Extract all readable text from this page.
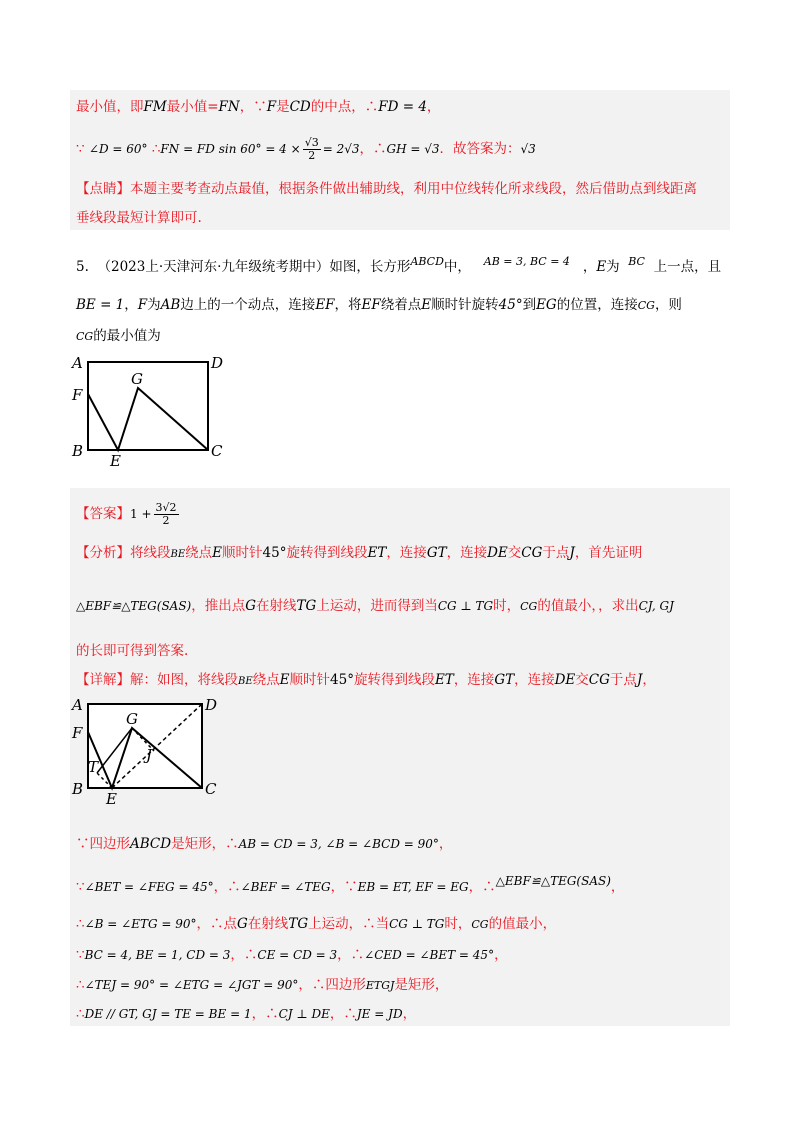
最小值，即FM最小值=FN，∵F是CD的中点，∴FD = 4，
∵ ∠D = 60° ∴FN = FD $\sin 60^\circ = 4 \times \frac{√3}{2} = 2√3$，∴GH = √3．故答案为：√3
【点睛】本题主要考查动点最值，根据条件做出辅助线，利用中位线转化所求线段，然后借助点到线距离
垂线段最短计算即可.
5. （2023上·天津河东·九年级统考期中）如图，长方形$^{ABCD}$中， $^{AB = 3, BC = 4}$ ，E为 $^{BC}$ 上一点，且
BE = 1，F为AB边上的一个动点，连接EF，将EF绕着点E顺时针旋转45°到EG的位置，连接CG，则
CG的最小值为
A	D
F
G
B	C
E
【答案】$1 + \frac{3√2}{2}$
【分析】将线段BE绕点E顺时针45°旋转得到线段ET，连接GT，连接DE交CG于点J，首先证明
△EBF≌△TEG(SAS)，推出点G在射线TG上运动，进而得到当CG ⊥ TG时，CG的值最小，，求出CJ, GJ
的长即可得到答案.
【详解】解：如图，将线段BE绕点E顺时针45°旋转得到线段ET，连接GT，连接DE交CG于点J，
A	D
F
G
T
J
B	C
E
∵四边形ABCD是矩形，∴AB = CD = 3, ∠B = ∠BCD = 90°，
∵∠BET = ∠FEG = 45°，∴∠BEF = ∠TEG，∵EB = ET, EF = EG，∴△EBF≌△TEG(SAS)，
∴∠B = ∠ETG = 90°，∴点G在射线TG上运动，∴当CG ⊥ TG时，CG的值最小，
∵BC = 4, BE = 1, CD = 3，∴CE = CD = 3，∴∠CED = ∠BET = 45°，
∴∠TEJ = 90° = ∠ETG = ∠JGT = 90°，∴四边形ETGJ是矩形，
∴DE // GT, GJ = TE = BE = 1，∴CJ ⊥ DE，∴JE = JD，
